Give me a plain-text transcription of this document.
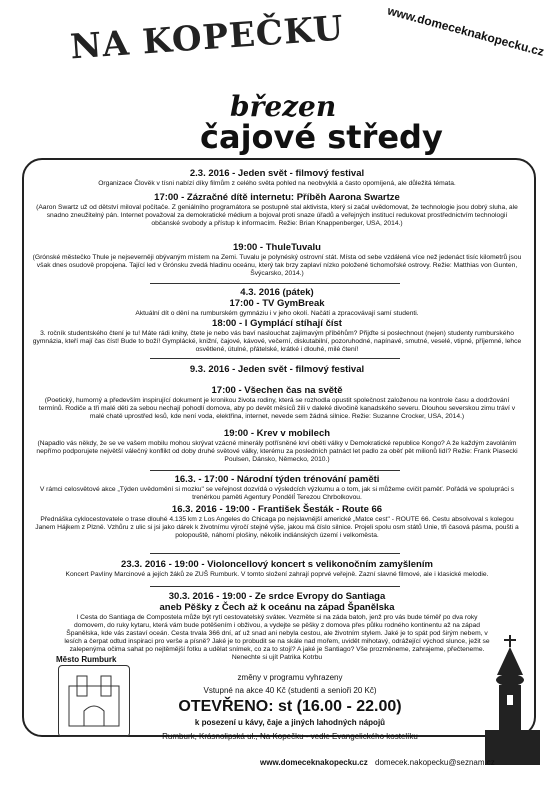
NA KOPEČKU	www.domeceknakopecku.cz
březen
čajové středy
2.3. 2016 - Jeden svět - filmový festival
Organizace Člověk v tísni nabízí díky filmům z celého světa pohled na neobvyklá a často opomíjená, ale důležitá témata.
17:00 - Zázračné dítě internetu: Příběh Aarona Swartze
(Aaron Swartz už od dětství miloval počítače. Z geniálního programátora se postupně stal aktivista, který si začal uvědomovat, že technologie jsou dobrý sluha, ale snadno zneužitelný pán. Internet považoval za demokratické médium a bojoval proti snaze úřadů a veřejných institucí redukovat prostřednictvím technologií občanské svobody a přístup k informacím. Režie: Brian Knappenberger, USA, 2014.)
19:00 - ThuleTuvalu
(Grónské městečko Thule je nejseverněji obývaným místem na Zemi. Tuvalu je polynéský ostrovní stát. Místa od sebe vzdálená více než jedenáct tisíc kilometrů jsou však dnes osudově propojena. Tající led v Grónsku zvedá hladinu oceánu, který tak brzy zaplaví nízko položené tichomořské ostrovy. Režie: Matthias von Gunten, Švýcarsko, 2014.)
4.3. 2016 (pátek)
17:00 - TV GymBreak
Aktuální dít o dění na rumburském gymnáziu i v jeho okolí. Načátí a zpracovávají samí studenti.
18:00 - I Gymplácí stíhají číst
3. ročník studentského čtení je tu! Máte rádi knihy, čtete je nebo vás baví naslouchat zajímavým příběhům? Přijďte si poslechnout (nejen) studenty rumburského gymnázia, kteří mají čas číst! Bude to boží! Gymplácké, knižní, čajové, kávové, večerní, diskutabilní, pozoruhodné, napínavé, smutné, veselé, vtipné, příjemné, lehce osvětlené, útulné, přátelské, krátké i dlouhé, milé čtení!
9.3. 2016 - Jeden svět - filmový festival
17:00 - Všechen čas na světě
(Poetický, humorný a především inspirující dokument je kronikou života rodiny, která se rozhodla opustit společnost založenou na kontrole času a dodržování termínů. Rodiče a tři malé děti za sebou nechají pohodlí domova, aby po devět měsíců žili v daleké divočině kanadského severu. Dlouhou severskou zimu tráví v malé chatě uprostřed lesů, kde není voda, elektřina, internet, nevede sem žádná silnice. Režie: Suzanne Crocker, USA, 2014.)
19:00 - Krev v mobilech
(Napadlo vás někdy, že se ve vašem mobilu mohou skrývat vzácné minerály potřísněné krví oběti války v Demokratické republice Kongo? A že každým zavoláním nepřímo podporujete největší válečný konflikt od doby druhé světové války, kterému za posledních patnáct let padlo za oběť pět milionů lidí? Režie: Frank Piasecki Poulsen, Dánsko, Německo, 2010.)
16.3. - 17:00 - Národní týden trénování paměti
V rámci celosvětové akce „Týden uvědomění si mozku" se veřejnost dozvídá o výsledcích výzkumu a o tom, jak si můžeme cvičit paměť. Pořádá ve spolupráci s trenérkou paměti Agentury PondělÍ Terezou Chrbolkovou.
16.3. 2016 - 19:00 - František Šesták - Route 66
Přednáška cyklocestovatele o trase dlouhé 4.135 km z Los Angeles do Chicaga po nejslavnější americké „Matce cest" - ROUTE 66. Cestu absolvoval s kolegou Janem Hájkem z Plzně. Vzhůru z ulic si jsi jako dárek k životnímu výročí stejné výše, jakou má číslo silnice. Projeli spolu osm států Unie, tři časová pásma, poušti a polopouště, náhorní plošiny, několik indiánských území i velkoměsta.
23.3. 2016 - 19:00 - Violoncellový koncert s velikonočním zamyšlením
Koncert Pavlíny Marcinové a jejích žáků ze ZUŠ Rumburk. V tomto složení zahrají poprvé veřejně. Zazní slavné filmové, ale i klasické melodie.
30.3. 2016 - 19:00 - Ze srdce Evropy do Santiaga
aneb Pěšky z Čech až k oceánu na západ Španělska
I Cesta do Santiaga de Compostela může být rytí cestovatelský sváteк. Vezměte si na záda batoh, jenž pro vás bude téměř po dva roky domovem, do ruky kytaru, která vám bude potěšením i obživou, a vydejte se pěšky z domova přes půlku rodného kontinentu až na západ Španělska, kde vás zastaví oceán. Cesta trvala 366 dní, ať už snad ani nebyla cestou, ale životním stylem. Jaké je to spát pod širým nebem, v lesích a čerpat odtud inspiraci pro verše a písně? Jaké je to probudit se na skále nad mořem, uvidět mihotavý, odrážející východ slunce, ježit se zalepenýma očima sahat po nejtěmější fotku a udělat snímek, co za to stojí? A jaké je Santiago? Vše prozměneme, zahrajeme, přečteneme. Nenechte si ujít Patrika Kotrbu
změny v programu vyhrazeny
Vstupné na akce 40 Kč (studenti a senioři 20 Kč)
OTEVŘENO: st (16.00 - 22.00)
k posezení u kávy, čaje a jiných lahodných nápojů
Rumburk, Krásnolipská ul., Na Kopečku - vedle Evangelického kostelíku
Město Rumburk
www.domeceknakopecku.cz domecek.nakopecku@seznam.cz
